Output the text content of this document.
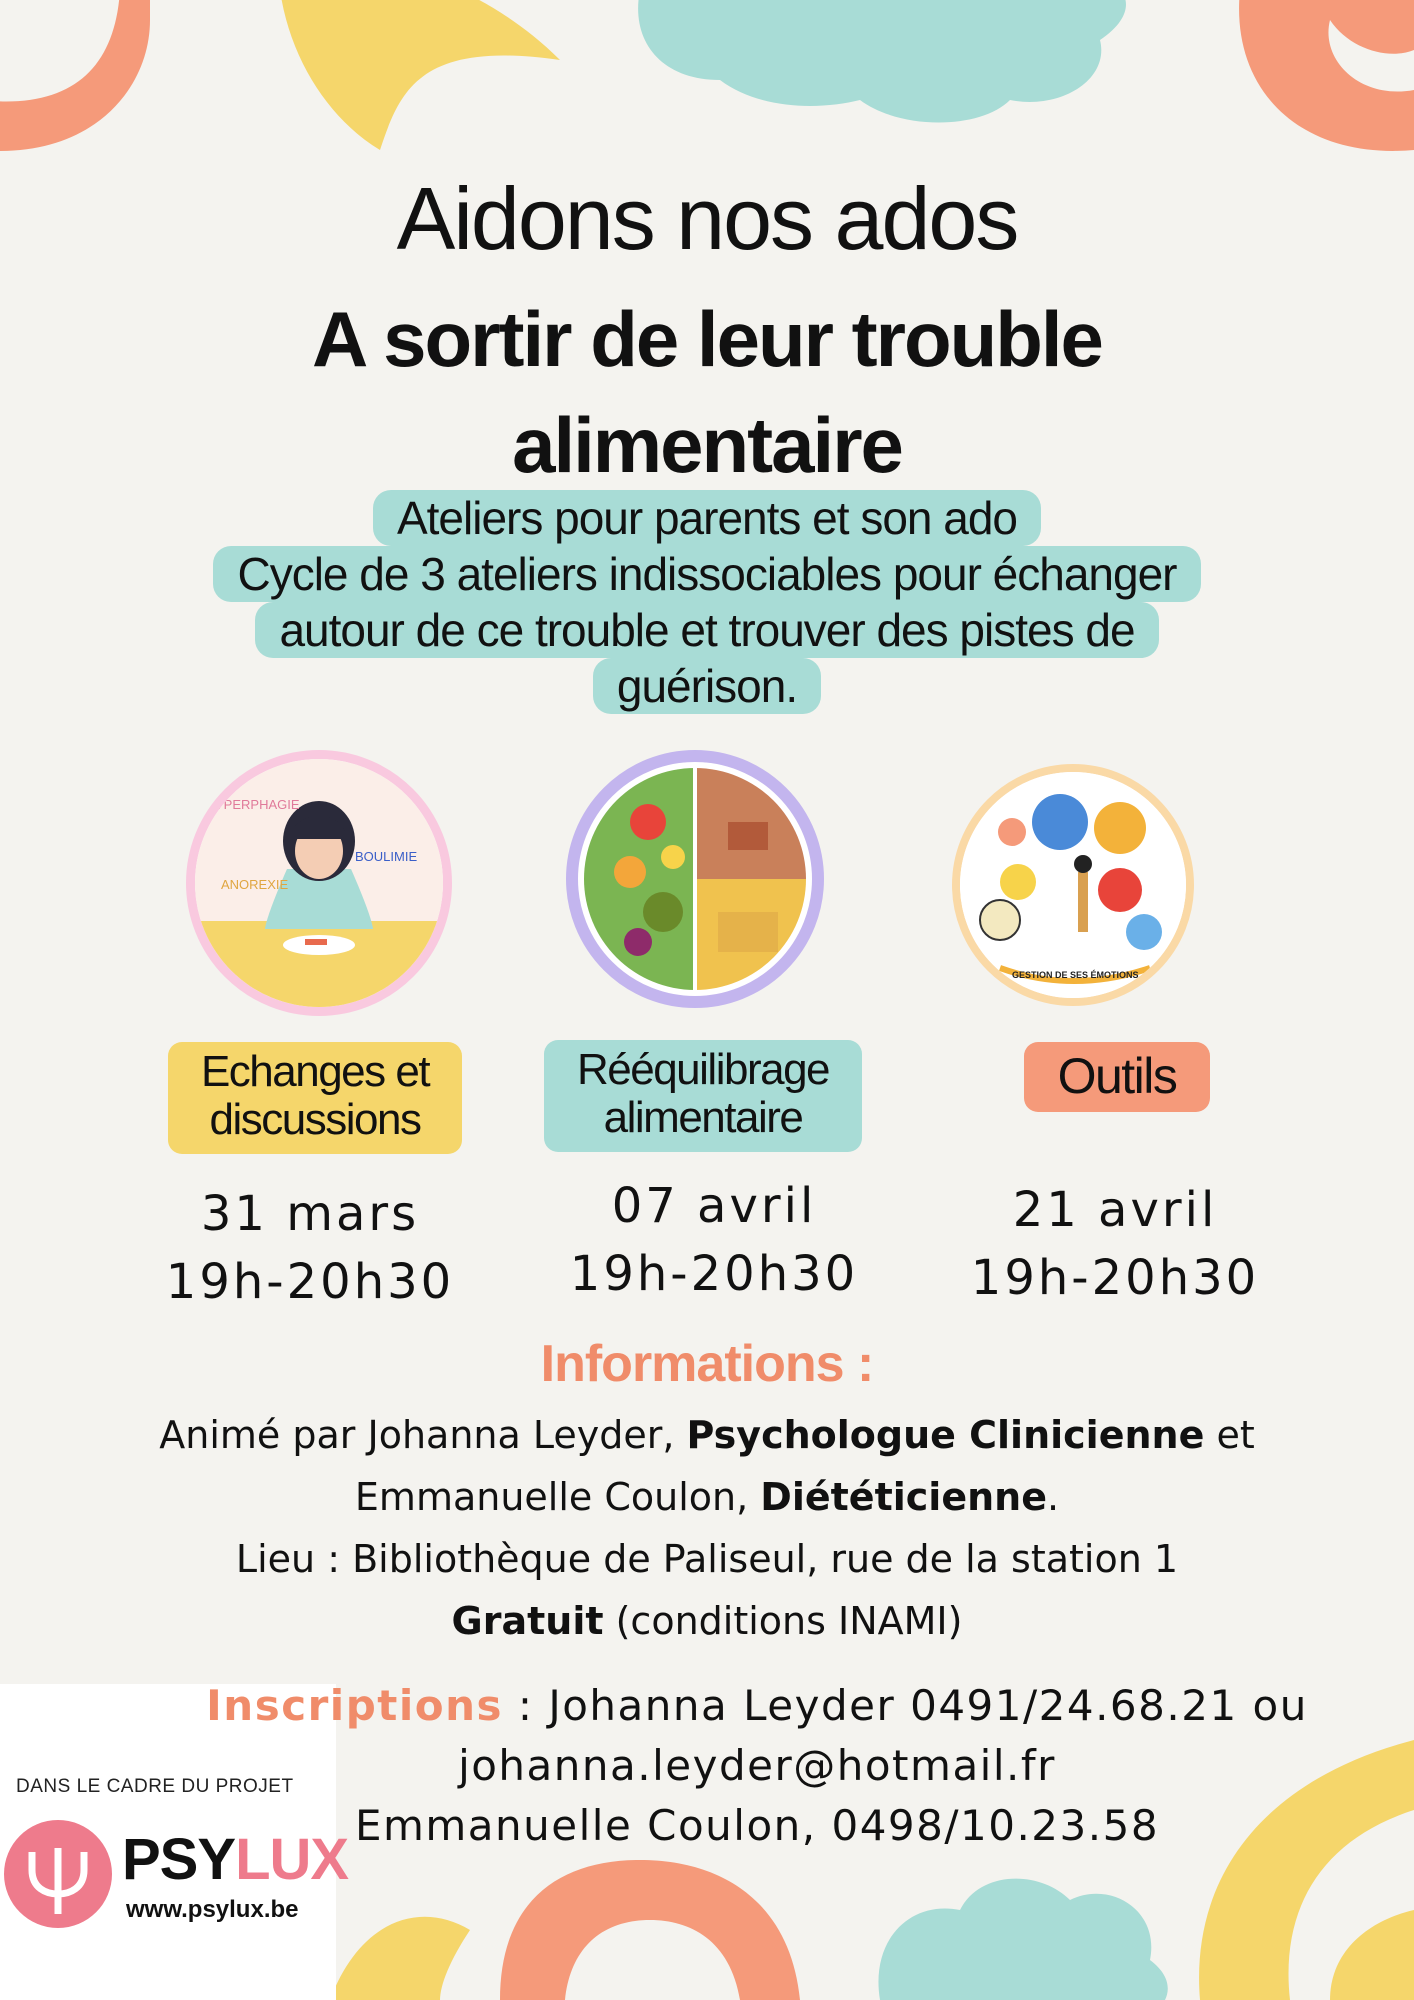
Aidons nos ados
A sortir de leur trouble
alimentaire
Ateliers pour parents et son ado
Cycle de 3 ateliers indissociables pour échanger
autour de ce trouble et trouver des pistes de
guérison.
YPERPHAGIE
BOULIMIE
ANOREXIE
GESTION DE SES ÉMOTIONS
Echanges et
discussions
Rééquilibrage
alimentaire
Outils
31 mars
19h-20h30
07 avril
19h-20h30
21 avril
19h-20h30
Informations :
Animé par Johanna Leyder, Psychologue Clinicienne et
Emmanuelle Coulon, Diététicienne.
Lieu : Bibliothèque de Paliseul, rue de la station 1
Gratuit (conditions INAMI)
DANS LE CADRE DU PROJET
PSYLUX
www.psylux.be
Inscriptions : Johanna Leyder 0491/24.68.21 ou
johanna.leyder@hotmail.fr
Emmanuelle Coulon, 0498/10.23.58
